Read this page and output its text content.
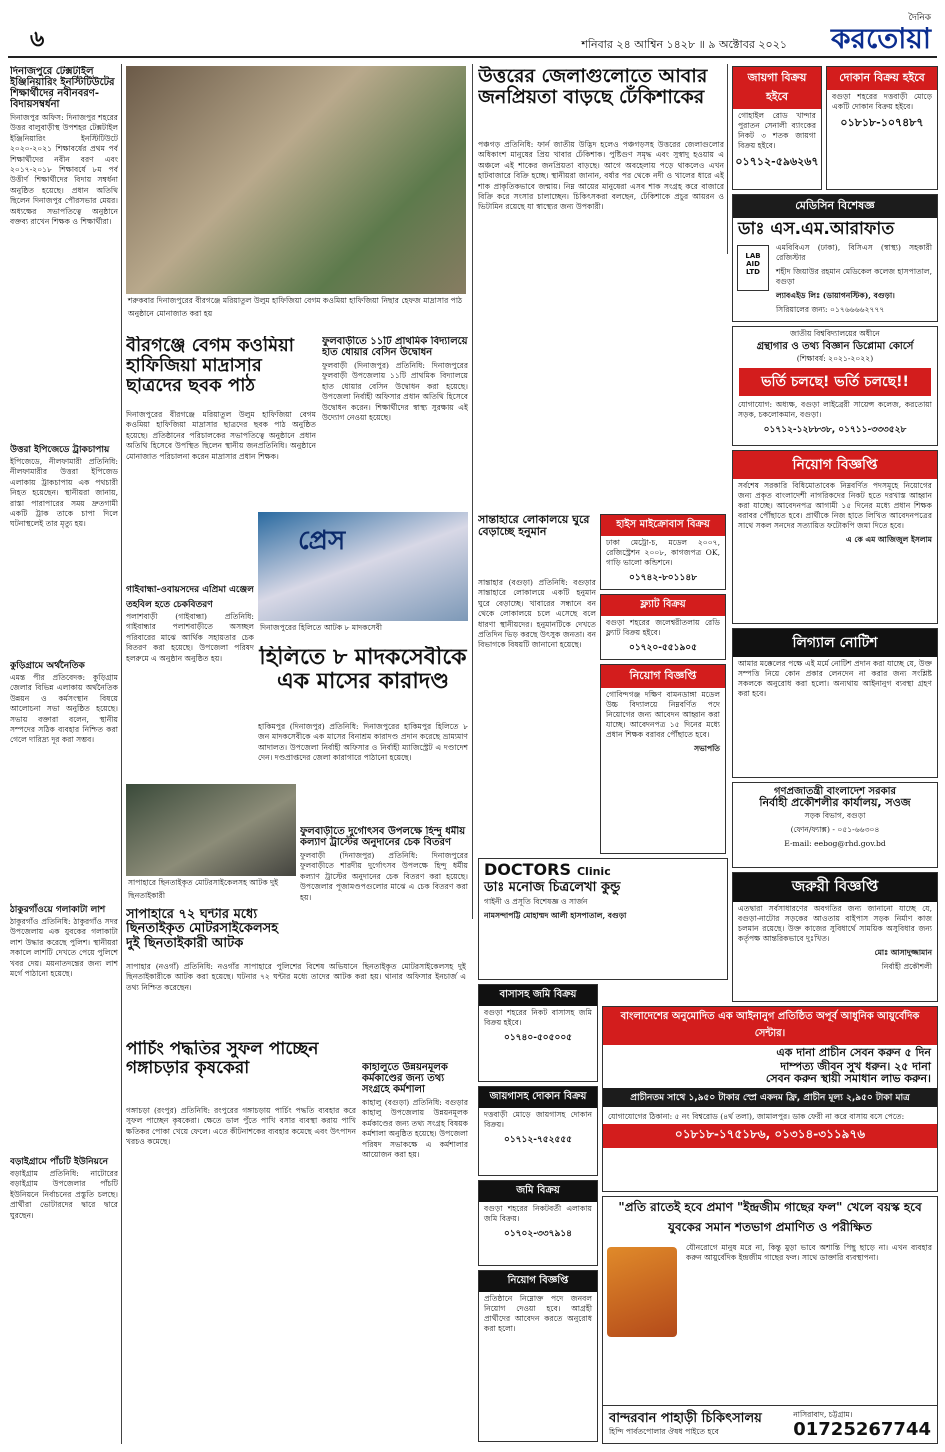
৬	শনিবার ২৪ আশ্বিন ১৪২৮ ॥ ৯ অক্টোবর ২০২১
দৈনিক
করতোয়া
দিনাজপুরে টেক্সটাইল ইঞ্জিনিয়ারিং ইনস্টিটিউটের শিক্ষার্থীদের নবীনবরণ-বিদায়সম্বর্ধনা
দিনাজপুর অফিস: দিনাজপুর শহরের উত্তর বালুবাড়ীস্থ উপশহর টেক্সটাইল ইঞ্জিনিয়ারিং ইনস্টিটিউটে ২০২০-২০২১ শিক্ষাবর্ষের প্রথম পর্ব শিক্ষার্থীদের নবীন বরণ এবং ২০১৭-২০১৮ শিক্ষাবর্ষে ৮ম পর্ব উত্তীর্ণ শিক্ষার্থীদের বিদায় সম্বর্ধনা অনুষ্ঠিত হয়েছে। প্রধান অতিথি ছিলেন দিনাজপুর পৌরসভার মেয়র। অধ্যক্ষের সভাপতিত্বে অনুষ্ঠানে বক্তব্য রাখেন শিক্ষক ও শিক্ষার্থীরা।
উত্তরা ইপিজেডে ট্রাকচাপায়
ইপিজেডে, নীলফামারী প্রতিনিধি: নীলফামারীর উত্তরা ইপিজেড এলাকায় ট্রাকচাপায় এক পথচারী নিহত হয়েছেন। স্থানীয়রা জানায়, রাস্তা পারাপারের সময় দ্রুতগামী একটি ট্রাক তাকে চাপা দিলে ঘটনাস্থলেই তার মৃত্যু হয়।
কুড়িগ্রামে অর্থনৈতিক
এমন্ত পীর প্রতিবেদক: কুড়িগ্রাম জেলার বিভিন্ন এলাকায় অর্থনৈতিক উন্নয়ন ও কর্মসংস্থান বিষয়ে আলোচনা সভা অনুষ্ঠিত হয়েছে। সভায় বক্তারা বলেন, স্থানীয় সম্পদের সঠিক ব্যবহার নিশ্চিত করা গেলে দারিদ্র্য দূর করা সম্ভব।
ঠাকুরগাঁওয়ে গলাকাটা লাশ
ঠাকুরগাঁও প্রতিনিধি: ঠাকুরগাঁও সদর উপজেলায় এক যুবকের গলাকাটা লাশ উদ্ধার করেছে পুলিশ। স্থানীয়রা সকালে লাশটি দেখতে পেয়ে পুলিশে খবর দেয়। ময়নাতদন্তের জন্য লাশ মর্গে পাঠানো হয়েছে।
বড়াইগ্রামে পাঁচটি ইউনিয়নে
বড়াইগ্রাম প্রতিনিধি: নাটোরের বড়াইগ্রাম উপজেলার পাঁচটি ইউনিয়নে নির্বাচনের প্রস্তুতি চলছে। প্রার্থীরা ভোটারদের দ্বারে দ্বারে ঘুরছেন।
শরুকবার দিনাজপুরের বীরগঞ্জে মরিয়াতুল উলুম হাফিজিয়া বেগম কওমিয়া হাফিজিয়া নিছার হেফজ মাদ্রাসার পাঠ অনুষ্ঠানে মোনাজাত করা হয়
বীরগঞ্জে বেগম কওমিয়া হাফিজিয়া মাদ্রাসার ছাত্রদের ছবক পাঠ
দিনাজপুরের বীরগঞ্জে মরিয়াতুল উলুম হাফিজিয়া বেগম কওমিয়া হাফিজিয়া মাদ্রাসার ছাত্রদের ছবক পাঠ অনুষ্ঠিত হয়েছে। প্রতিষ্ঠানের পরিচালকের সভাপতিত্বে অনুষ্ঠানে প্রধান অতিথি হিসেবে উপস্থিত ছিলেন স্থানীয় জনপ্রতিনিধি। অনুষ্ঠানে মোনাজাত পরিচালনা করেন মাদ্রাসার প্রধান শিক্ষক।
ফুলবাড়ীতে ১১টি প্রাথমিক বিদ্যালয়ে হাত ধোয়ার বেসিন উদ্বোধন
ফুলবাড়ী (দিনাজপুর) প্রতিনিধি: দিনাজপুরের ফুলবাড়ী উপজেলায় ১১টি প্রাথমিক বিদ্যালয়ে হাত ধোয়ার বেসিন উদ্বোধন করা হয়েছে। উপজেলা নির্বাহী অফিসার প্রধান অতিথি হিসেবে উদ্বোধন করেন। শিক্ষার্থীদের স্বাস্থ্য সুরক্ষায় এই উদ্যোগ নেওয়া হয়েছে।
প্রেস
দিনাজপুরের হিলিতে আটক ৮ মাদকসেবী
গাইবান্ধা-ওবায়সদের এপ্রিমা এঞ্জেল তহবিল হতে চেকবিতরণ
পলাশবাড়ী (গাইবান্ধা) প্রতিনিধি: গাইবান্ধার পলাশবাড়ীতে অসচ্ছল পরিবারের মাঝে আর্থিক সহায়তার চেক বিতরণ করা হয়েছে। উপজেলা পরিষদ হলরুমে এ অনুষ্ঠান অনুষ্ঠিত হয়।	হিলিতে ৮ মাদকসেবীকে এক মাসের কারাদণ্ড
হাকিমপুর (দিনাজপুর) প্রতিনিধি: দিনাজপুরের হাকিমপুর হিলিতে ৮ জন মাদকসেবীকে এক মাসের বিনাশ্রম কারাদণ্ড প্রদান করেছে ভ্রাম্যমাণ আদালত। উপজেলা নির্বাহী অফিসার ও নির্বাহী ম্যাজিস্ট্রেট এ দণ্ডাদেশ দেন। দণ্ডপ্রাপ্তদের জেলা কারাগারে পাঠানো হয়েছে।
সাপাহারে ছিনতাইকৃত মোটরসাইকেলসহ আটক দুই ছিনতাইকারী
ফুলবাড়ীতে দুর্গোৎসব উপলক্ষে হিন্দু ধর্মীয় কল্যাণ ট্রাস্টের অনুদানের চেক বিতরণ
ফুলবাড়ী (দিনাজপুর) প্রতিনিধি: দিনাজপুরের ফুলবাড়ীতে শারদীয় দুর্গোৎসব উপলক্ষে হিন্দু ধর্মীয় কল্যাণ ট্রাস্টের অনুদানের চেক বিতরণ করা হয়েছে। উপজেলার পূজামণ্ডপগুলোর মাঝে এ চেক বিতরণ করা হয়।
সাপাহারে ৭২ ঘন্টার মধ্যে ছিনতাইকৃত মোটরসাইকেলসহ দুই ছিনতাইকারী আটক
সাপাহার (নওগাঁ) প্রতিনিধি: নওগাঁর সাপাহারে পুলিশের বিশেষ অভিযানে ছিনতাইকৃত মোটরসাইকেলসহ দুই ছিনতাইকারীকে আটক করা হয়েছে। ঘটনার ৭২ ঘন্টার মধ্যে তাদের আটক করা হয়। থানার অফিসার ইনচার্জ এ তথ্য নিশ্চিত করেছেন।
পার্চিং পদ্ধতির সুফল পাচ্ছেন গঙ্গাচড়ার কৃষকেরা
গঙ্গাচড়া (রংপুর) প্রতিনিধি: রংপুরের গঙ্গাচড়ায় পার্চিং পদ্ধতি ব্যবহার করে সুফল পাচ্ছেন কৃষকেরা। ক্ষেতে ডাল পুঁতে পাখি বসার ব্যবস্থা করায় পাখি ক্ষতিকর পোকা খেয়ে ফেলে। এতে কীটনাশকের ব্যবহার কমেছে এবং উৎপাদন খরচও কমেছে।
কাহালুতে উন্নয়নমূলক কর্মকাণ্ডের জন্য তথ্য সংগ্রহে কর্মশালা
কাহালু (বগুড়া) প্রতিনিধি: বগুড়ার কাহালু উপজেলায় উন্নয়নমূলক কর্মকাণ্ডের জন্য তথ্য সংগ্রহ বিষয়ক কর্মশালা অনুষ্ঠিত হয়েছে। উপজেলা পরিষদ সভাকক্ষে এ কর্মশালার আয়োজন করা হয়।
উত্তরের জেলাগুলোতে আবার জনপ্রিয়তা বাড়ছে ঢেঁকিশাকের
পঞ্চগড় প্রতিনিধি: ফার্ন জাতীয় উদ্ভিদ হলেও পঞ্চগড়সহ উত্তরের জেলাগুলোর অধিকাংশ মানুষের প্রিয় খাবার ঢেঁকিশাক। পুষ্টিগুণ সমৃদ্ধ এবং সুস্বাদু হওয়ায় এ অঞ্চলে এই শাকের জনপ্রিয়তা বাড়ছে। আগে অবহেলায় পড়ে থাকলেও এখন হাটবাজারে বিক্রি হচ্ছে। স্থানীয়রা জানান, বর্ষার পর থেকে নদী ও খালের ধারে এই শাক প্রাকৃতিকভাবে জন্মায়। নিম্ন আয়ের মানুষেরা এসব শাক সংগ্রহ করে বাজারে বিক্রি করে সংসার চালাচ্ছেন। চিকিৎসকরা বলছেন, ঢেঁকিশাকে প্রচুর আয়রন ও ভিটামিন রয়েছে যা স্বাস্থ্যের জন্য উপকারী।
সান্তাহারে লোকালয়ে ঘুরে বেড়াচ্ছে হনুমান
সান্তাহার (বগুড়া) প্রতিনিধি: বগুড়ার সান্তাহারে লোকালয়ে একটি হনুমান ঘুরে বেড়াচ্ছে। খাবারের সন্ধানে বন থেকে লোকালয়ে চলে এসেছে বলে ধারণা স্থানীয়দের। হনুমানটিকে দেখতে প্রতিদিন ভিড় করছে উৎসুক জনতা। বন বিভাগকে বিষয়টি জানানো হয়েছে।
জায়গা বিক্রয় হইবে
গোহাইল রোড খান্দার পুরাতন সেনালী ব্যাংকের নিকট ৩ শতক জায়গা বিক্রয় হইবে।
০১৭১২-৫৯৬২৬৭
দোকান বিক্রয় হইবে
বগুড়া শহরের দত্তবাড়ী মোড়ে একটি দোকান বিক্রয় হইবে।
০১৮১৮-১০৭৪৮৭
মেডিসিন বিশেষজ্ঞ
ডাঃ এস.এম.আরাফাত
LAB AID LTD
এমবিবিএস (ঢাকা), বিসিএস (স্বাস্থ্য) সহকারী রেজিস্টার
শহীদ জিয়াউর রহমান মেডিকেল কলেজ হাসপাতাল, বগুড়া
ল্যাবএইড লিঃ (ডায়াগনস্টিক), বগুড়া।
সিরিয়ালের জন্য: ০১৭৬৬৬৬২৭৭৭
জাতীয় বিশ্ববিদ্যালয়ের অধীনে
গ্রন্থাগার ও তথ্য বিজ্ঞান ডিপ্লোমা কোর্সে
(শিক্ষাবর্ষ: ২০২১-২০২২)
ভর্তি চলছে! ভর্তি চলছে!!
যোগাযোগ: অধ্যক্ষ, বগুড়া লাইব্রেরী সায়েন্স কলেজ, করতোয়া সড়ক, চকলোকমান, বগুড়া।
০১৭১২-১২৮৮৩৮, ০১৭১১-৩৩৩৫২৮
নিয়োগ বিজ্ঞপ্তি
সর্বশেষ সরকারি বিধিমোতাবেক নিম্নবর্ণিত পদসমূহে নিয়োগের জন্য প্রকৃত বাংলাদেশী নাগরিকদের নিকট হতে দরখাস্ত আহ্বান করা যাচ্ছে। আবেদনপত্র আগামী ১৫ দিনের মধ্যে প্রধান শিক্ষক বরাবর পৌঁছাতে হবে। প্রার্থীকে নিজ হাতে লিখিত আবেদনপত্রের সাথে সকল সনদের সত্যায়িত ফটোকপি জমা দিতে হবে।
এ কে এম আজিজুল ইসলাম
লিগ্যাল নোটিশ
আমার মক্কেলের পক্ষে এই মর্মে নোটিশ প্রদান করা যাচ্ছে যে, উক্ত সম্পত্তি নিয়ে কোন প্রকার লেনদেন না করার জন্য সংশ্লিষ্ট সকলকে অনুরোধ করা হলো। অন্যথায় আইনানুগ ব্যবস্থা গ্রহণ করা হবে।
গণপ্রজাতন্ত্রী বাংলাদেশ সরকার
নির্বাহী প্রকৌশলীর কার্যালয়, সওজ
সড়ক বিভাগ, বগুড়া
(ফোন/ফ্যাক্স) - ০৫১-৬৬৩০৪
E-mail: eebog@rhd.gov.bd
জরুরী বিজ্ঞপ্তি
এতদ্বারা সর্বসাধারণের অবগতির জন্য জানানো যাচ্ছে যে, বগুড়া-নাটোর সড়কের আওতায় বাইপাস সড়ক নির্মাণ কাজ চলমান রয়েছে। উক্ত কাজের সুবিধার্থে সাময়িক অসুবিধার জন্য কর্তৃপক্ষ আন্তরিকভাবে দুঃখিত।
মোঃ আসাদুজ্জামান
নির্বাহী প্রকৌশলী
হাইস মাইক্রোবাস বিক্রয়
ঢাকা মেট্রো-চ, মডেল ২০০৭, রেজিস্ট্রেশন ২০০৮, কাগজপত্র OK, গাড়ি ভালো কন্ডিশনে।
০১৭৪২-৮০১১৪৮
ফ্ল্যাট বিক্রয়
বগুড়া শহরের জলেশ্বরীতলায় রেডি ফ্ল্যাট বিক্রয় হইবে।
০১৭২০-৫৫১৯০৫
নিয়োগ বিজ্ঞপ্তি
গোবিন্দগঞ্জ দক্ষিণ বামনডাঙ্গা মডেল উচ্চ বিদ্যালয়ে নিম্নবর্ণিত পদে নিয়োগের জন্য আবেদন আহ্বান করা যাচ্ছে। আবেদনপত্র ১৫ দিনের মধ্যে প্রধান শিক্ষক বরাবর পৌঁছাতে হবে।
সভাপতি
DOCTORS Clinic
ডাঃ মনোজ চিত্রলেখা কুন্ডু
গাইনী ও প্রসূতি বিশেষজ্ঞ ও সার্জন
নামসন্দাপট্টি মোহাম্মদ আলী হাসপাতাল, বগুড়া
বাসাসহ জমি বিক্রয়
বগুড়া শহরের নিকট বাসাসহ জমি বিক্রয় হইবে।
০১৭৪০-৫০৫০০৫
জায়গাসহ দোকান বিক্রয়
দত্তবাড়ী মোড়ে জায়গাসহ দোকান বিক্রয়।
০১৭১২-৭৫২৫৫৫
জমি বিক্রয়
বগুড়া শহরের নিকটবর্তী এলাকায় জমি বিক্রয়।
০১৭০২-৩৩৭৯১৪
নিয়োগ বিজ্ঞপ্তি
প্রতিষ্ঠানে নিম্নোক্ত পদে জনবল নিয়োগ দেওয়া হবে। আগ্রহী প্রার্থীদের আবেদন করতে অনুরোধ করা হলো।
বাংলাদেশের অনুমোদিত এক আইনানুগ প্রতিষ্ঠিত অপূর্ব আধুনিক আয়ুর্বেদিক সেন্টার।
এক দানা প্রাচীন সেবন করুন ৫ দিন
দাম্পত্য জীবন সুখ ধরুন। ২৫ দানা
সেবন করুন স্থায়ী সমাধান লাভ করুন।
প্রাচীনতম সাথে ১,৯৫০ টাকার স্প্রে একদম ফ্রি, প্রাচীন মূল্য ২,৯৫০ টাকা মাত্র
যোগাযোগের ঠিকানা: ৫ নং বিশ্বরোড (৪র্থ তলা), জামালপুর। ডাক ফেরী না করে বাসায় বসে পেতে:
০১৮১৮-১৭৫১৮৬, ০১৩১৪-৩১১৯৭৬
"প্রতি রাতেই হবে প্রমাণ "ইন্দ্রজীম গাছের ফল" খেলে বয়স্ক হবে যুবকের সমান শতভাগ প্রমাণিত ও পরীক্ষিত
যৌনরোগে মানুষ মরে না, কিন্তু মুড়া ভাবে অশান্তি পিছু ছাড়ে না। এখন ব্যবহার করুন আয়ুর্বেদিক ইন্দ্রজীম গাছের ফল। সাথে ডাক্তারি ব্যবস্থাপনা।
বান্দরবান পাহাড়ী চিকিৎসালয়
হিন্দি পার্বতপোলার ঔষধ পাইতে হবে
নাসিরাবাদ, চট্টগ্রাম।
01725267744
